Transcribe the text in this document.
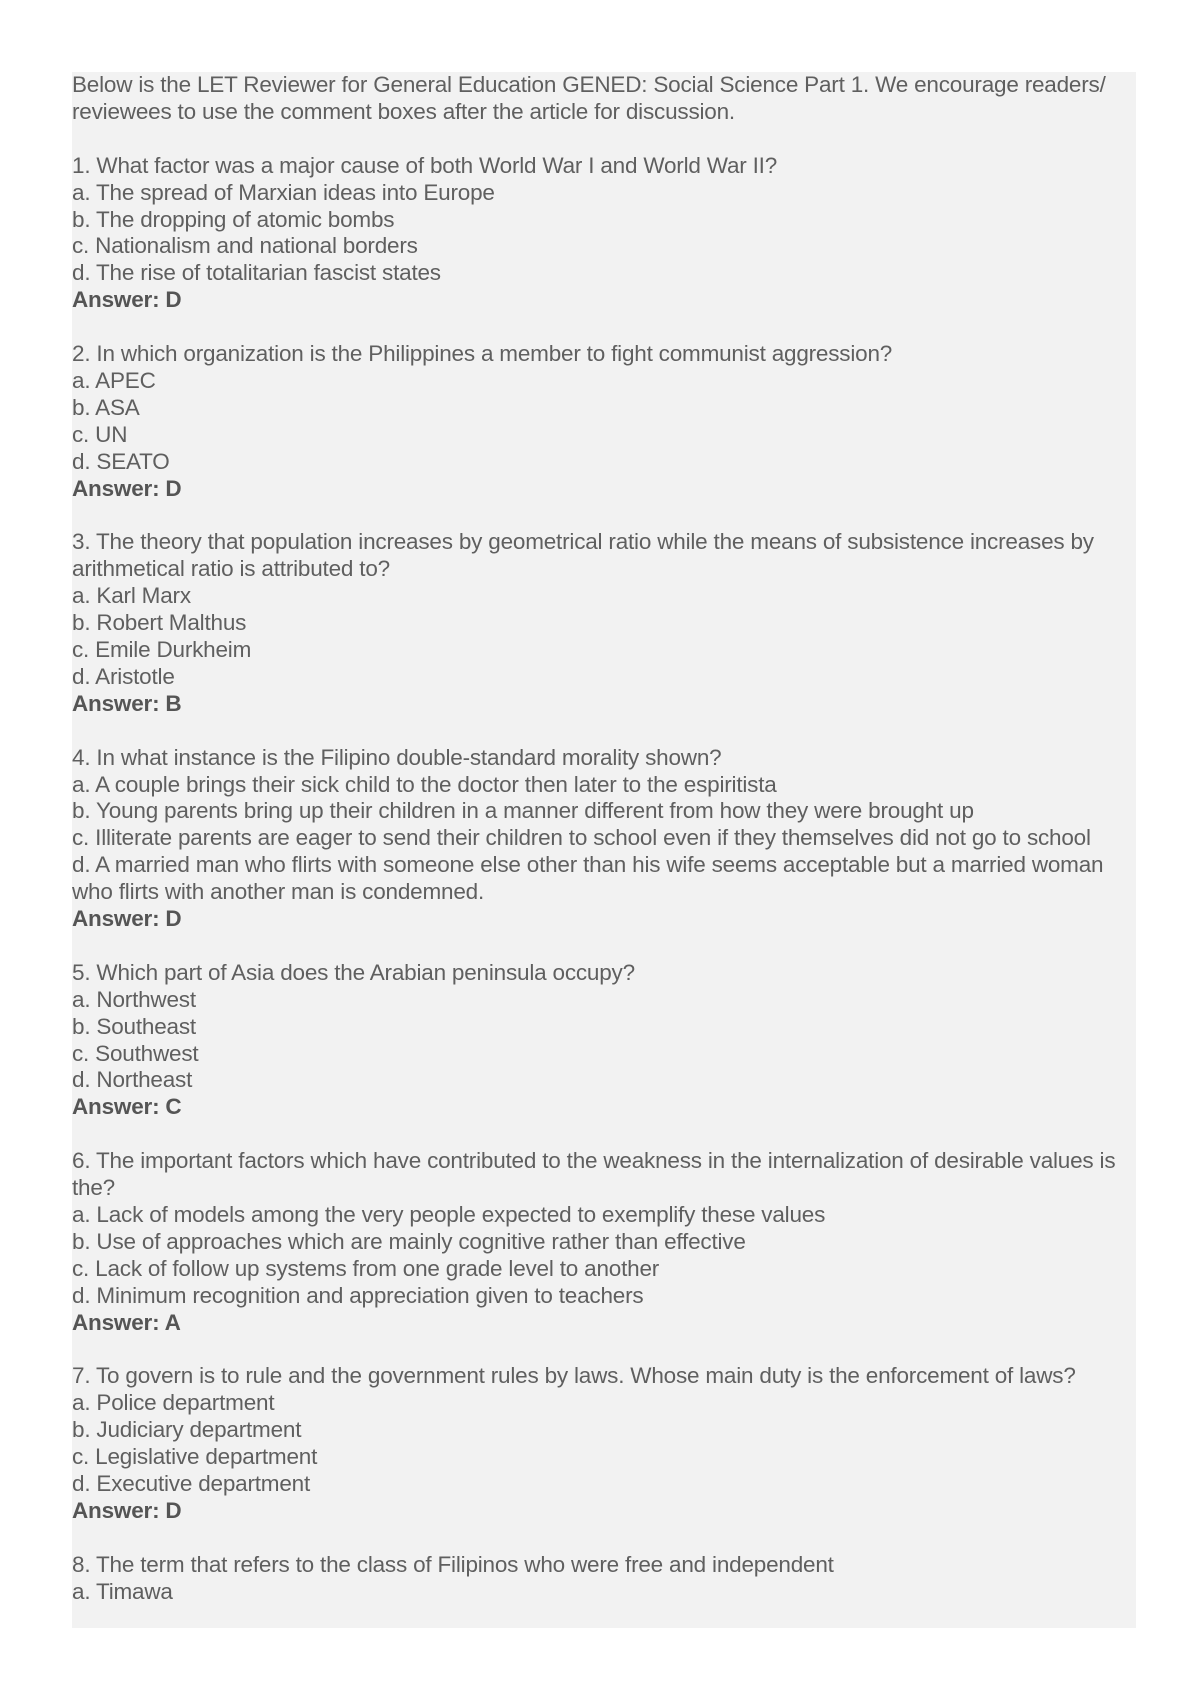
Below is the LET Reviewer for General Education GENED: Social Science Part 1. We encourage readers/ reviewees to use the comment boxes after the article for discussion.

1. What factor was a major cause of both World War I and World War II?

a. The spread of Marxian ideas into Europe

b. The dropping of atomic bombs

c. Nationalism and national borders

d. The rise of totalitarian fascist states

Answer: D

2. In which organization is the Philippines a member to fight communist aggression?

a. APEC

b. ASA

c. UN

d. SEATO

Answer: D

3. The theory that population increases by geometrical ratio while the means of subsistence increases by arithmetical ratio is attributed to?

a. Karl Marx

b. Robert Malthus

c. Emile Durkheim

d. Aristotle

Answer: B

4. In what instance is the Filipino double-standard morality shown?

a. A couple brings their sick child to the doctor then later to the espiritista

b. Young parents bring up their children in a manner different from how they were brought up

c. Illiterate parents are eager to send their children to school even if they themselves did not go to school

d. A married man who flirts with someone else other than his wife seems acceptable but a married woman who flirts with another man is condemned.

Answer: D

5. Which part of Asia does the Arabian peninsula occupy?

a. Northwest

b. Southeast

c. Southwest

d. Northeast

Answer: C

6. The important factors which have contributed to the weakness in the internalization of desirable values is the?

a. Lack of models among the very people expected to exemplify these values

b. Use of approaches which are mainly cognitive rather than effective

c. Lack of follow up systems from one grade level to another

d. Minimum recognition and appreciation given to teachers

Answer: A

7. To govern is to rule and the government rules by laws. Whose main duty is the enforcement of laws?

a. Police department

b. Judiciary department

c. Legislative department

d. Executive department

Answer: D

8. The term that refers to the class of Filipinos who were free and independent

a. Timawa
